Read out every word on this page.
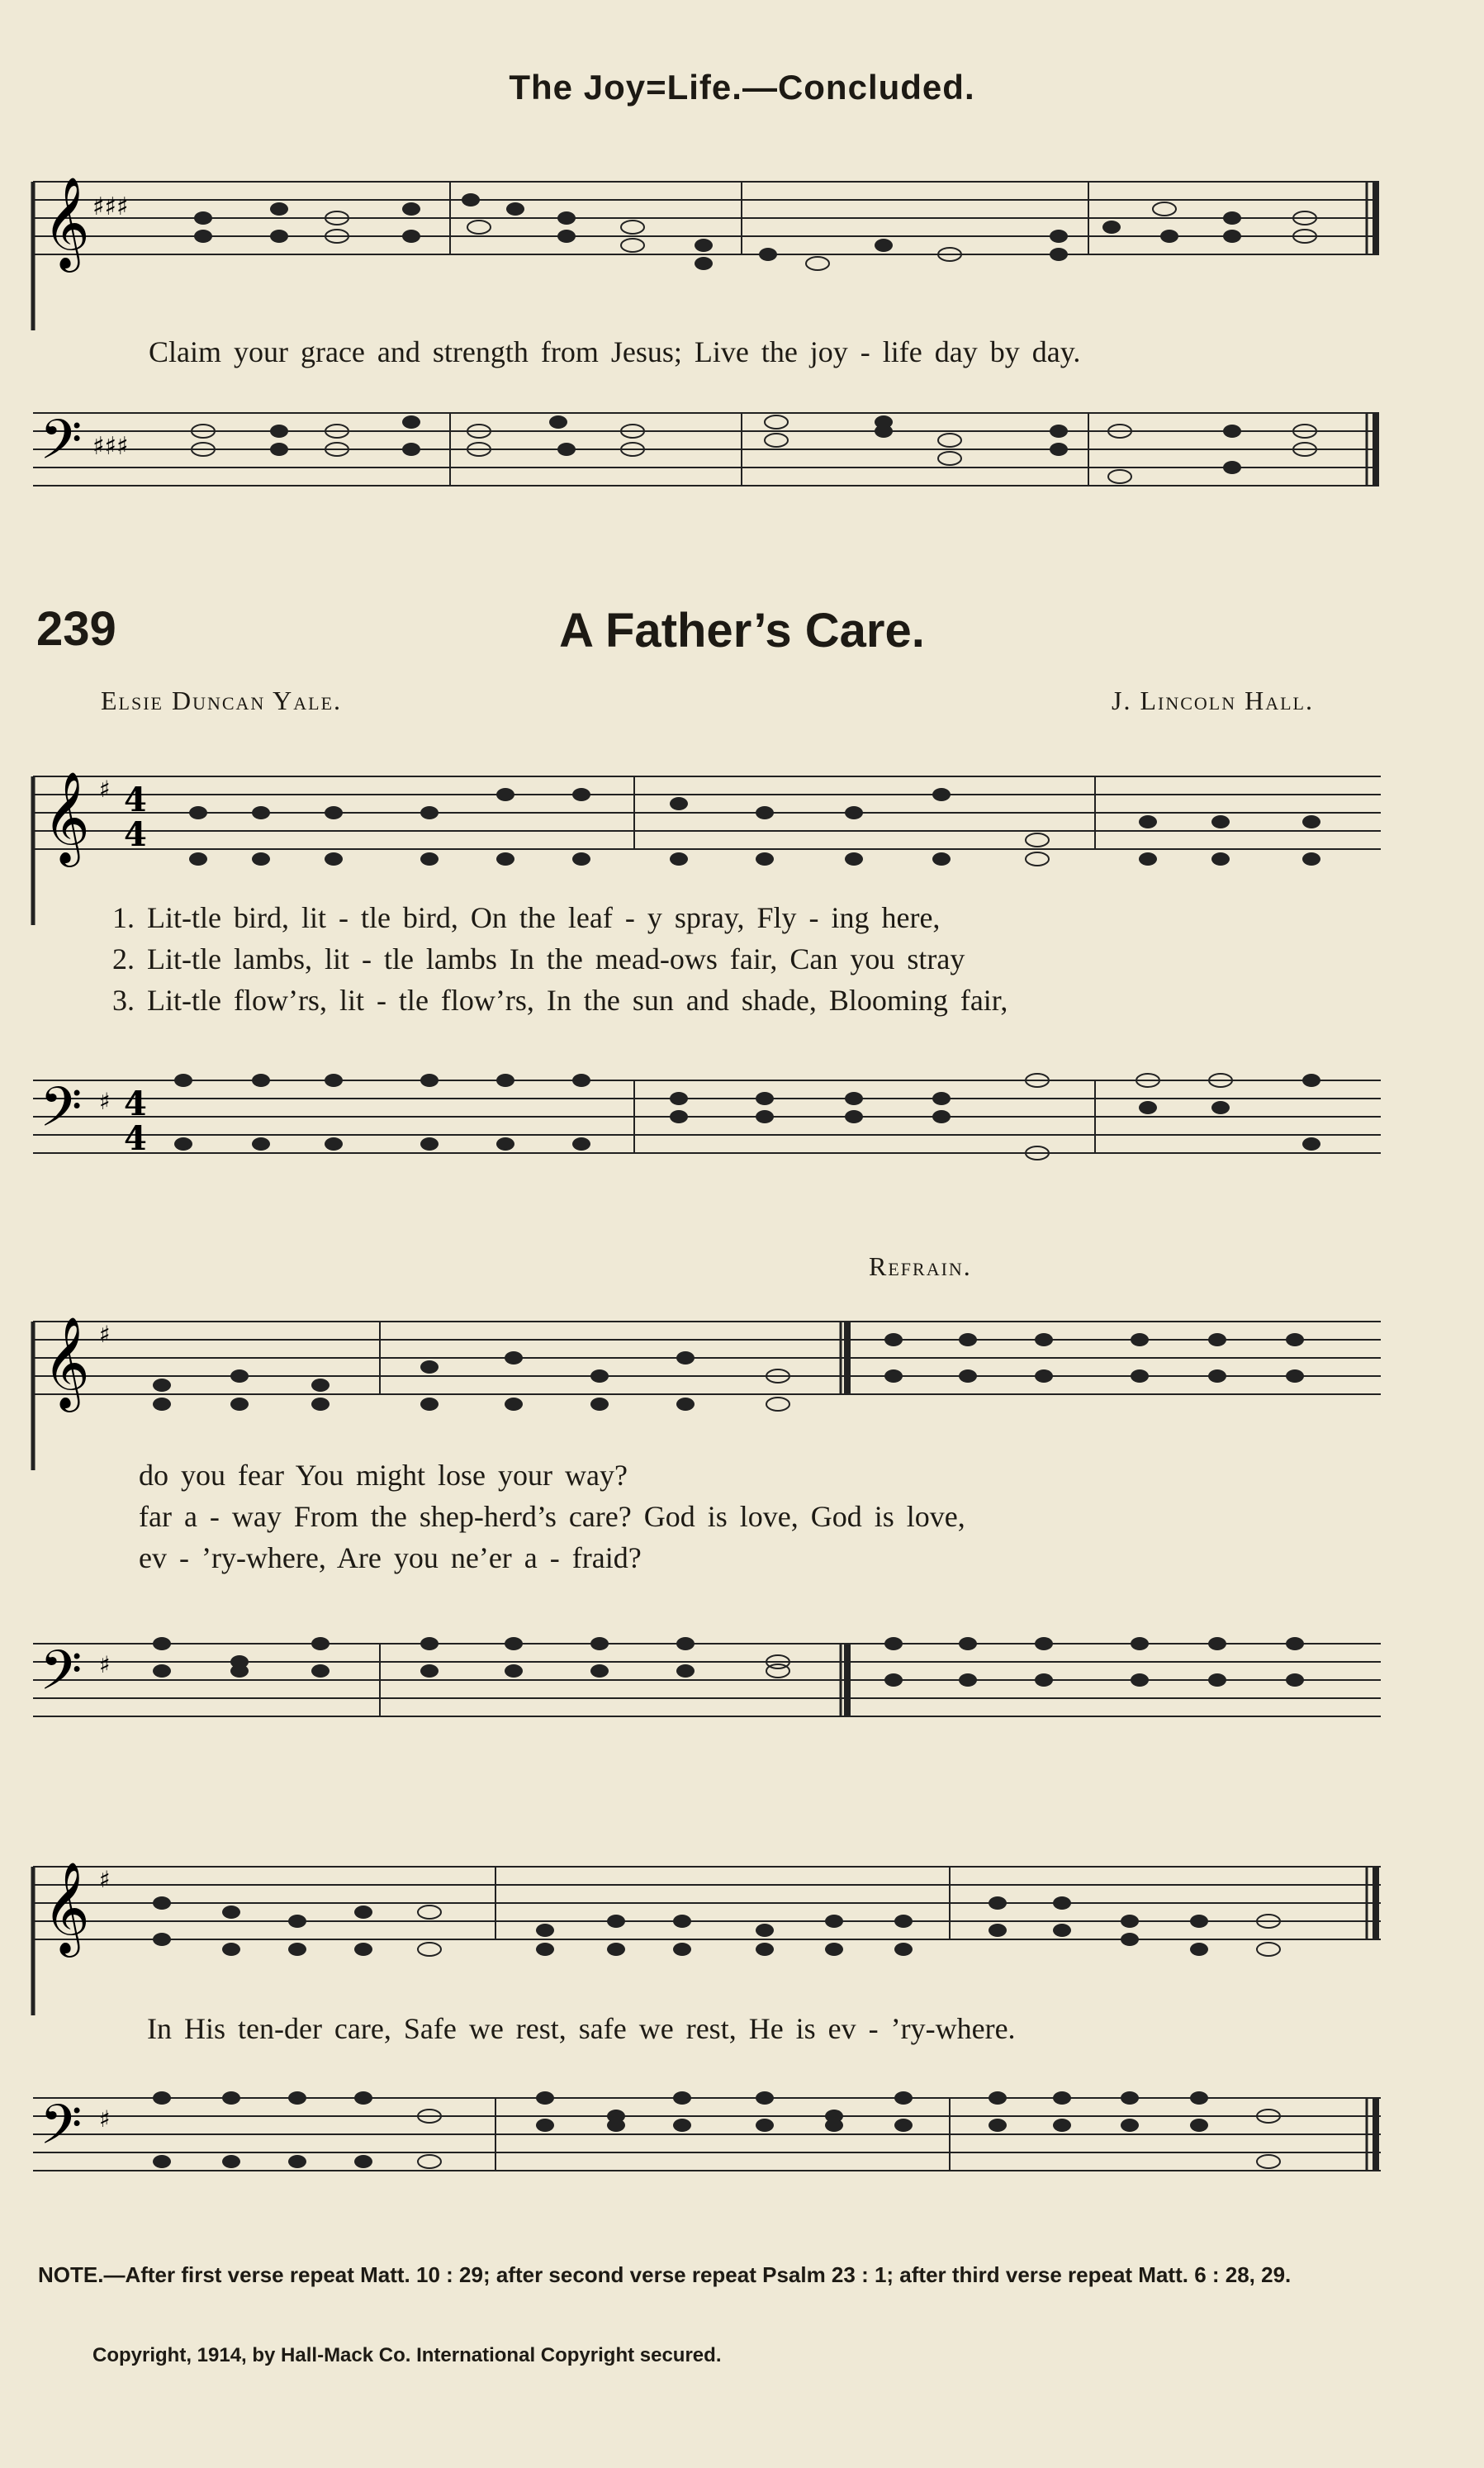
The Joy=Life.—Concluded.
𝄞 ♯♯♯
Claim your grace and strength from Jesus; Live the joy - life day by day.
𝄢 ♯♯♯
239	A Father’s Care.
Elsie Duncan Yale.	J. Lincoln Hall.
𝄞 ♯ 4
4
1. Lit-tle bird, lit - tle bird, On the leaf - y spray, Fly - ing here,
2. Lit-tle lambs, lit - tle lambs In the mead-ows fair, Can you stray
3. Lit-tle flow’rs, lit - tle flow’rs, In the sun and shade, Blooming fair,
𝄢 ♯ 4
4
Refrain.
𝄞 ♯
do you fear You might lose your way?
far a - way From the shep-herd’s care? God is love, God is love,
ev - ’ry-where, Are you ne’er a - fraid?
𝄢 ♯
𝄞 ♯
In His ten-der care, Safe we rest, safe we rest, He is ev - ’ry-where.
𝄢 ♯
NOTE.—After first verse repeat Matt. 10 : 29; after second verse repeat Psalm 23 : 1; after third verse repeat Matt. 6 : 28, 29.
Copyright, 1914, by Hall-Mack Co. International Copyright secured.
